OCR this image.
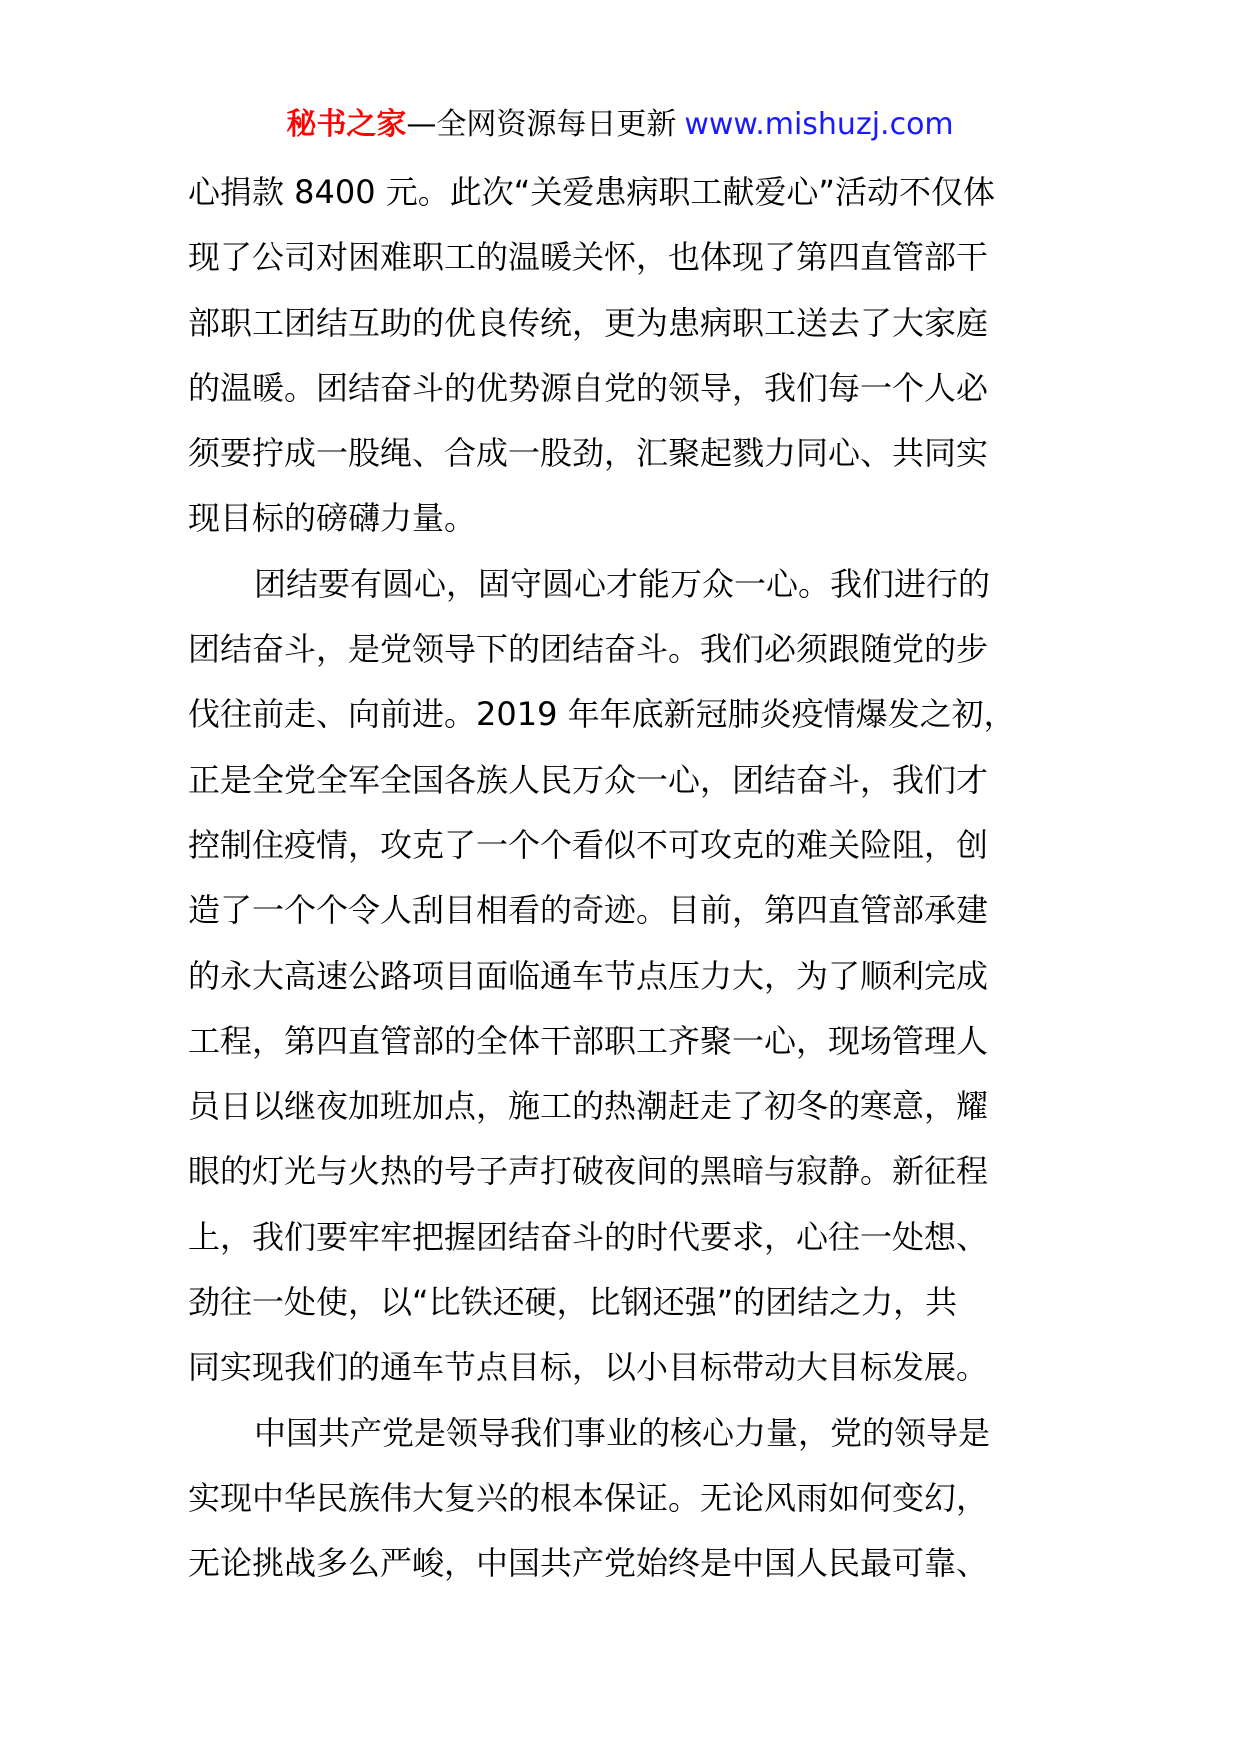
秘书之家—全网资源每日更新 www.mishuzj.com
心捐款 8400 元。此次“关爱患病职工献爱心”活动不仅体
现了公司对困难职工的温暖关怀，也体现了第四直管部干
部职工团结互助的优良传统，更为患病职工送去了大家庭
的温暖。团结奋斗的优势源自党的领导，我们每一个人必
须要拧成一股绳、合成一股劲，汇聚起戮力同心、共同实
现目标的磅礴力量。
团结要有圆心，固守圆心才能万众一心。我们进行的
团结奋斗，是党领导下的团结奋斗。我们必须跟随党的步
伐往前走、向前进。2019 年年底新冠肺炎疫情爆发之初，
正是全党全军全国各族人民万众一心，团结奋斗，我们才
控制住疫情，攻克了一个个看似不可攻克的难关险阻，创
造了一个个令人刮目相看的奇迹。目前，第四直管部承建
的永大高速公路项目面临通车节点压力大，为了顺利完成
工程，第四直管部的全体干部职工齐聚一心，现场管理人
员日以继夜加班加点，施工的热潮赶走了初冬的寒意，耀
眼的灯光与火热的号子声打破夜间的黑暗与寂静。新征程
上，我们要牢牢把握团结奋斗的时代要求，心往一处想、
劲往一处使，以“比铁还硬，比钢还强”的团结之力，共
同实现我们的通车节点目标，以小目标带动大目标发展。
中国共产党是领导我们事业的核心力量，党的领导是
实现中华民族伟大复兴的根本保证。无论风雨如何变幻，
无论挑战多么严峻，中国共产党始终是中国人民最可靠、
